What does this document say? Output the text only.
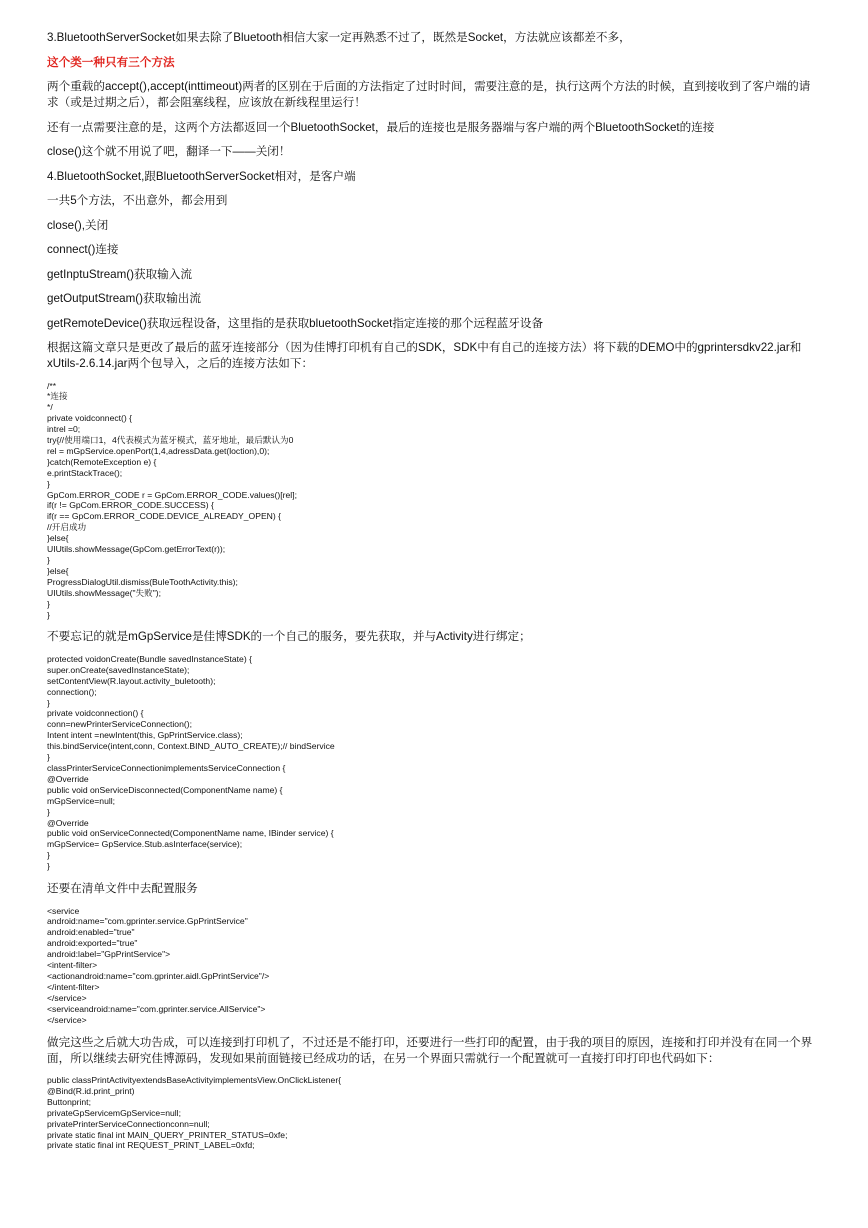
3.BluetoothServerSocket如果去除了Bluetooth相信大家一定再熟悉不过了，既然是Socket，方法就应该都差不多，

这个类一种只有三个方法

两个重载的accept(),accept(inttimeout)两者的区别在于后面的方法指定了过时时间，需要注意的是，执行这两个方法的时候，直到接收到了客户端的请求（或是过期之后），都会阻塞线程，应该放在新线程里运行！

还有一点需要注意的是，这两个方法都返回一个BluetoothSocket，最后的连接也是服务器端与客户端的两个BluetoothSocket的连接

close()这个就不用说了吧，翻译一下——关闭！

4.BluetoothSocket,跟BluetoothServerSocket相对，是客户端

一共5个方法，不出意外，都会用到

close(),关闭

connect()连接

getInptuStream()获取输入流

getOutputStream()获取输出流

getRemoteDevice()获取远程设备，这里指的是获取bluetoothSocket指定连接的那个远程蓝牙设备

根据这篇文章只是更改了最后的蓝牙连接部分（因为佳博打印机有自己的SDK，SDK中有自己的连接方法）将下载的DEMO中的gprintersdkv22.jar和xUtils-2.6.14.jar两个包导入，之后的连接方法如下：

/**
*连接
*/
private voidconnect() {
intrel =0;
try{//使用端口1，4代表模式为蓝牙模式，蓝牙地址，最后默认为0
rel = mGpService.openPort(1,4,adressData.get(loction),0);
}catch(RemoteException e) {
e.printStackTrace();
}
GpCom.ERROR_CODE r = GpCom.ERROR_CODE.values()[rel];
if(r != GpCom.ERROR_CODE.SUCCESS) {
if(r == GpCom.ERROR_CODE.DEVICE_ALREADY_OPEN) {
//开启成功
}else{
UIUtils.showMessage(GpCom.getErrorText(r));
}
}else{
ProgressDialogUtil.dismiss(BuleToothActivity.this);
UIUtils.showMessage("失败");
}
}

不要忘记的就是mGpService是佳博SDK的一个自己的服务，要先获取，并与Activity进行绑定；

protected voidonCreate(Bundle savedInstanceState) {
super.onCreate(savedInstanceState);
setContentView(R.layout.activity_buletooth);
connection();
}
private voidconnection() {
conn=newPrinterServiceConnection();
Intent intent =newIntent(this, GpPrintService.class);
this.bindService(intent,conn, Context.BIND_AUTO_CREATE);// bindService
}
classPrinterServiceConnectionimplementsServiceConnection {
@Override
public void onServiceDisconnected(ComponentName name) {
mGpService=null;
}
@Override
public void onServiceConnected(ComponentName name, IBinder service) {
mGpService= GpService.Stub.asInterface(service);
}
}

还要在清单文件中去配置服务

<service
android:name="com.gprinter.service.GpPrintService"
android:enabled="true"
android:exported="true"
android:label="GpPrintService">
<intent-filter>
<actionandroid:name="com.gprinter.aidl.GpPrintService"/>
</intent-filter>
</service>
<serviceandroid:name="com.gprinter.service.AllService">
</service>

做完这些之后就大功告成，可以连接到打印机了，不过还是不能打印，还要进行一些打印的配置，由于我的项目的原因，连接和打印并没有在同一个界面，所以继续去研究佳博源码，发现如果前面链接已经成功的话，在另一个界面只需就行一个配置就可一直接打印打印也代码如下：

public classPrintActivityextendsBaseActivityimplementsView.OnClickListener{
@Bind(R.id.print_print)
Buttonprint;
privateGpServicemGpService=null;
privatePrinterServiceConnectionconn=null;
private static final int MAIN_QUERY_PRINTER_STATUS=0xfe;
private static final int REQUEST_PRINT_LABEL=0xfd;
